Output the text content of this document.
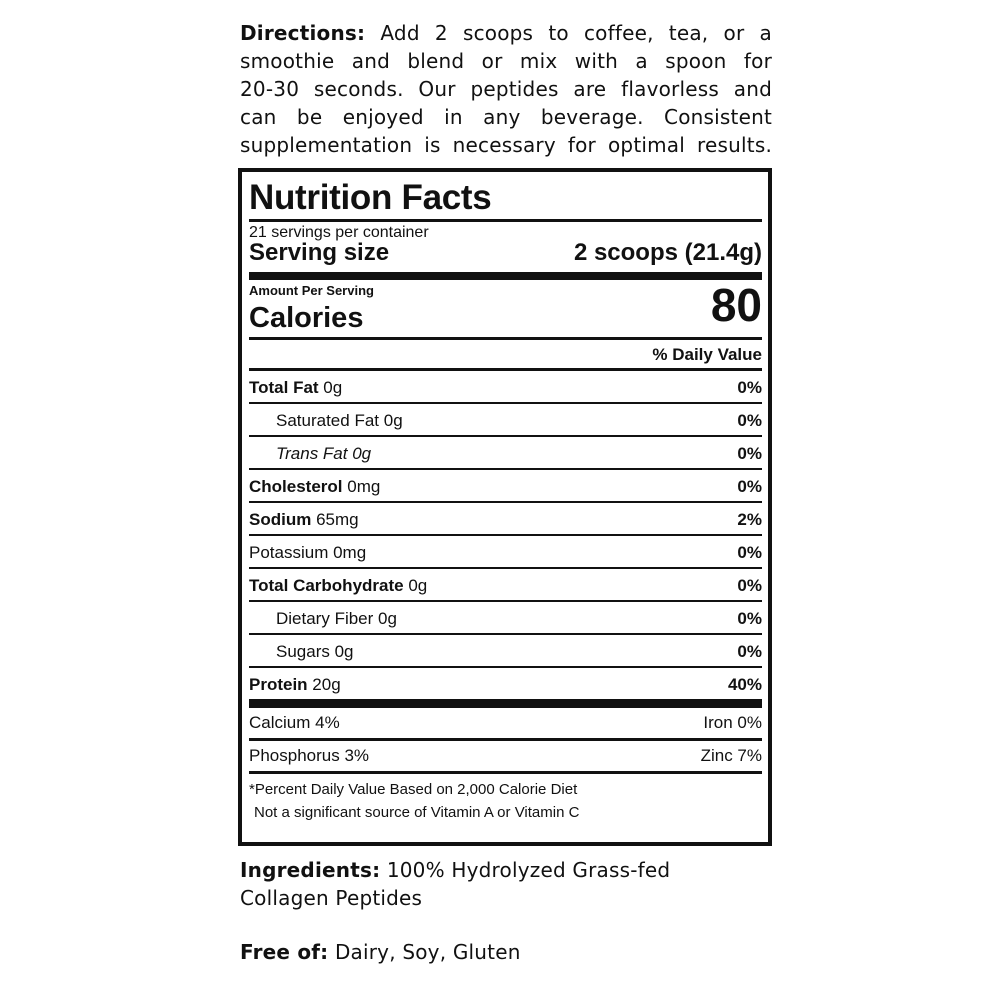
Directions: Add 2 scoops to coffee, tea, or a
smoothie and blend or mix with a spoon for
20-30 seconds. Our peptides are flavorless and
can be enjoyed in any beverage. Consistent
supplementation is necessary for optimal results.
Nutrition Facts
21 servings per container
Serving size	2 scoops (21.4g)
Amount Per Serving
Calories	80
% Daily Value
Total Fat 0g	0%
Saturated Fat 0g	0%
Trans Fat 0g	0%
Cholesterol 0mg	0%
Sodium 65mg	2%
Potassium 0mg	0%
Total Carbohydrate 0g	0%
Dietary Fiber 0g	0%
Sugars 0g	0%
Protein 20g	40%
Calcium 4%	Iron 0%
Phosphorus 3%	Zinc 7%
*Percent Daily Value Based on 2,000 Calorie Diet
Not a significant source of Vitamin A or Vitamin C
Ingredients: 100% Hydrolyzed Grass-fed
Collagen Peptides
Free of: Dairy, Soy, Gluten
